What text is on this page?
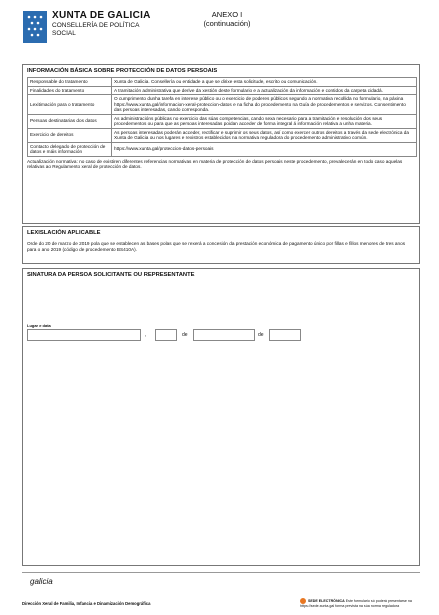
XUNTA DE GALICIA
CONSELLERÍA DE POLÍTICA
SOCIAL
ANEXO I
(continuación)
INFORMACIÓN BÁSICA SOBRE PROTECCIÓN DE DATOS PERSOAIS
Responsable do tratamento	Xunta de Galicia. Consellería ou entidade a que se dirixe esta solicitude, escrito ou comunicación.
Finalidades do tratamento	A tramitación administrativa que derive da xestión deste formulario e a actualización da información e contidos da carpeta cidadá.
Lexitimación para o tratamento	O cumprimento dunha tarefa en interese público ou o exercicio de poderes públicos segundo a normativa recollida no formulario, na páxina https://www.xunta.gal/informacion-xeral-proteccion-datos e na ficha do procedemento na Guía de procedementos e servizos. Consentimento das persoas interesadas, cando corresponda.
Persoas destinatarias dos datos	As administracións públicas no exercicio das súas competencias, cando sexa necesario para a tramitación e resolución dos seus procedementos ou para que as persoas interesadas poidan acceder de forma integral á información relativa a unha materia.
Exercicio de dereitos	As persoas interesadas poderán acceder, rectificar e suprimir os seus datos, así como exercer outros dereitos a través da sede electrónica da Xunta de Galicia ou nos lugares e rexistros establecidos na normativa reguladora do procedemento administrativo común.
Contacto delegado de protección de datos e máis información	https://www.xunta.gal/proteccion-datos-persoais
Actualización normativa: no caso de existiren diferentes referencias normativas en materia de protección de datos persoais neste procedemento, prevalecerán en todo caso aquelas relativas ao Regulamento xeral de protección de datos.
LEXISLACIÓN APLICABLE
Orde do 20 de marzo de 2019 pola que se establecen as bases polas que se rexerá a concesión da prestación económica de pagamento único por fillas e fillos menores de tres anos para o ano 2019 (código de procedemento BS410A).
SINATURA DA PERSOA SOLICITANTE OU REPRESENTANTE
Lugar e data
,	de	de
galicia
Dirección Xeral de Familia, Infancia e Dinamización Demográfica
SEDE ELECTRÓNICA Este formulario só poderá presentarse na
https://sede.xunta.gal forma prevista na súa norma reguladora
